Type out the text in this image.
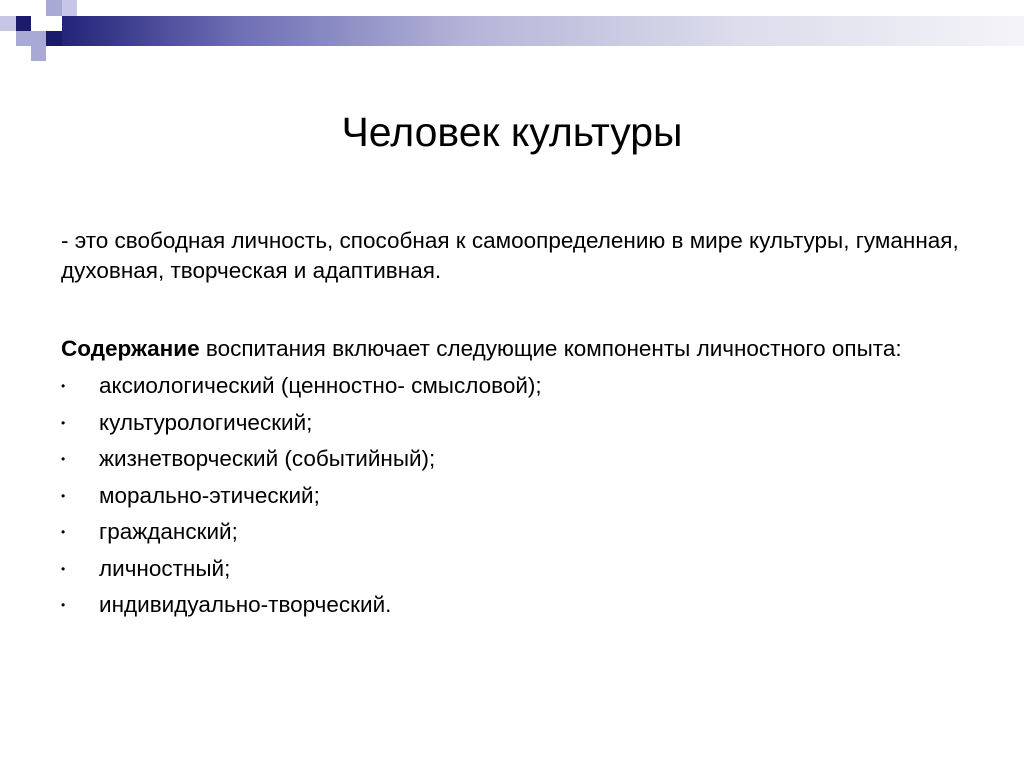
Человек культуры

- это свободная личность, способная к самоопределению в мире культуры, гуманная, духовная, творческая и адаптивная.

Содержание воспитания включает следующие компоненты личностного опыта:

• аксиологический (ценностно- смысловой);
• культурологический;
• жизнетворческий (событийный);
• морально-этический;
• гражданский;
• личностный;
• индивидуально-творческий.
